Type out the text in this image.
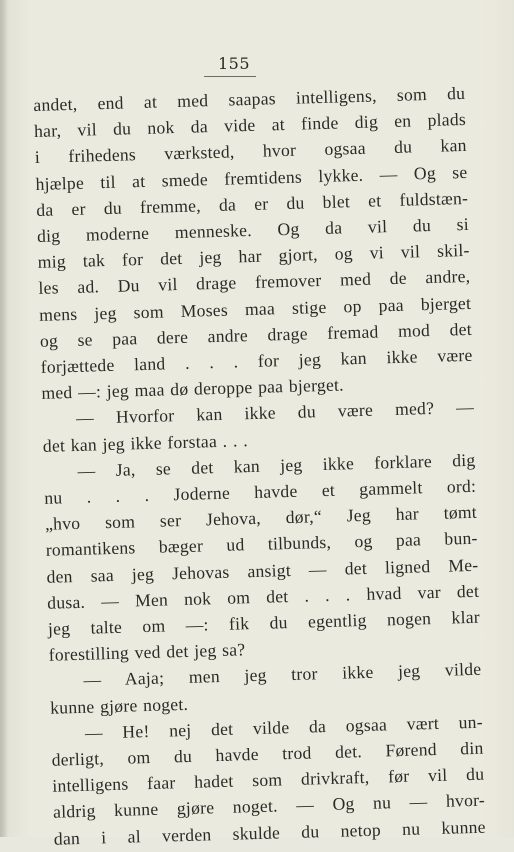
155
andet, end at med saapas intelligens, som du
har, vil du nok da vide at finde dig en plads
i frihedens værksted, hvor ogsaa du kan
hjælpe til at smede fremtidens lykke. — Og se
da er du fremme, da er du blet et fuldstæn-
dig moderne menneske. Og da vil du si
mig tak for det jeg har gjort, og vi vil skil-
les ad. Du vil drage fremover med de andre,
mens jeg som Moses maa stige op paa bjerget
og se paa dere andre drage fremad mod det
forjættede land . . . for jeg kan ikke være
med —: jeg maa dø deroppe paa bjerget.
— Hvorfor kan ikke du være med? —
det kan jeg ikke forstaa . . .
— Ja, se det kan jeg ikke forklare dig
nu . . . Joderne havde et gammelt ord:
„hvo som ser Jehova, dør,“ Jeg har tømt
romantikens bæger ud tilbunds, og paa bun-
den saa jeg Jehovas ansigt — det ligned Me-
dusa. — Men nok om det . . . hvad var det
jeg talte om —: fik du egentlig nogen klar
forestilling ved det jeg sa?
— Aaja; men jeg tror ikke jeg vilde
kunne gjøre noget.
— He! nej det vilde da ogsaa vært un-
derligt, om du havde trod det. Førend din
intelligens faar hadet som drivkraft, før vil du
aldrig kunne gjøre noget. — Og nu — hvor-
dan i al verden skulde du netop nu kunne
